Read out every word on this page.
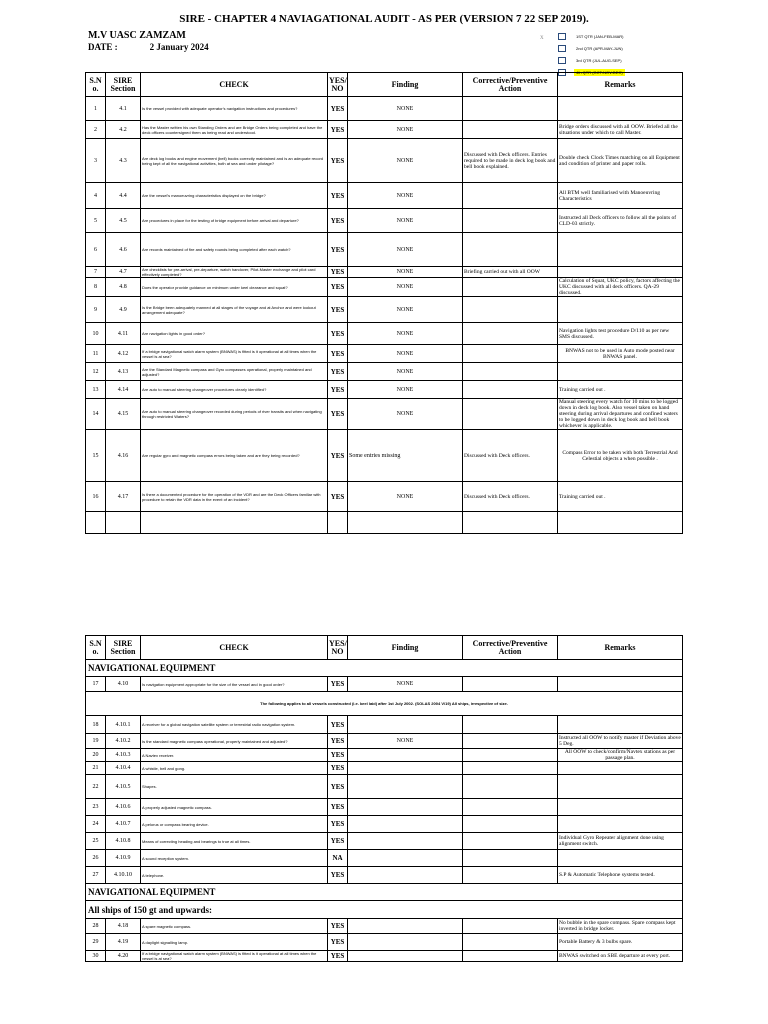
SIRE - CHAPTER 4 NAVIAGATIONAL AUDIT - AS PER (VERSION 7 22 SEP 2019).
M.V UASC ZAMZAM
DATE :	2 January 2024
X	1ST QTR (JAN-FEB-MAR)
2nd QTR (APR-MAY-JUN)
3rd QTR (JUL-AUG-SEP)
4th QTR (OCT-NOV-DEC)
S.N o.	SIRE Section	CHECK	YES/ NO	Finding	Corrective/Preventive Action	Remarks
1	4.1	Is the vessel provided with adequate operator's navigation instructions and procedures?	YES	NONE		
2	4.2	Has the Master written his own Standing Orders and are Bridge Orders being completed and have the deck officers countersigned them as being read and understood.	YES	NONE		Bridge orders discussed with all OOW. Briefed all the situations under which to call Master.
3	4.3	Are deck log books and engine movement (bell) books correctly maintained and is an adequate record being kept of all the navigational activities, both at sea and under pilotage?	YES	NONE	Discussed with Deck officers. Entries required to be made in deck log book and bell book explained.	Double check Clock Times matching on all Equipment and condition of printer and paper rolls.
4	4.4	Are the vessel's manoeuvring characteristics displayed on the bridge?	YES	NONE		All BTM well familiarised with Manoeuvring Characteristics
5	4.5	Are procedures in place for the testing of bridge equipment before arrival and departure?	YES	NONE		Instructed all Deck officers to follow all the points of CLD-03 strictly.
6	4.6	Are records maintained of fire and safety rounds being completed after each watch?	YES	NONE		
7	4.7	Are checklists for pre-arrival, pre-departure, watch handover, Pilot-Master exchange and pilot card effectively completed?	YES	NONE	Briefing carried out with all OOW	
8	4.8	Does the operator provide guidance on minimum under keel clearance and squat?	YES	NONE		Calculation of Squat, UKC policy, factors affecting the UKC discussed with all deck officers. QA-29 discussed.
9	4.9	Is the Bridge been adequately manned at all stages of the voyage and at Anchor and were lookout arrangement adequate?	YES	NONE		
10	4.11	Are navigation lights in good order?	YES	NONE		Navigation lights test procedure D/110 as per new SMS discussed.
11	4.12	If a bridge navigational watch alarm system (BNWAS) is fitted is it operational at all times when the vessel is at sea?	YES	NONE		BNWAS not to be used in Auto mode posted near BNWAS panel.
12	4.13	Are the Standard Magnetic compass and Gyro compasses operational, properly maintained and adjusted?	YES	NONE		
13	4.14	Are auto to manual steering changeover procedures clearly identified?	YES	NONE		Training carried out .
14	4.15	Are auto to manual steering changeover recorded during periods of river transits and when navigating through restricted Waters?	YES	NONE		Manual steering every watch for 10 mins to be logged down in deck log book. Also vessel taken on hand steering during arrival departures and confined waters to be logged down in deck log book and bell book whichever is applicable.
15	4.16	Are regular gyro and magnetic compass errors being taken and are they being recorded?	YES	Some entries missing	Discussed with Deck officers.	Compass Error to be taken with both Terrestrial And Celestial objects a when possible .
16	4.17	Is there a documented procedure for the operation of the VDR and are the Deck Officers familiar with procedure to retain the VDR data in the event of an incident?	YES	NONE	Discussed with Deck officers.	Training carried out .

S.N o.	SIRE Section	CHECK	YES/ NO	Finding	Corrective/Preventive Action	Remarks
NAVIGATIONAL EQUIPMENT						
17	4.10	Is navigation equipment appropriate for the size of the vessel and in good order?	YES	NONE		
The following applies to all vessels constructed (i.e. keel laid) after 1st July 2002. (SOLAS 2004 V/19) All ships, irrespective of size.						
18	4.10.1	A receiver for a global navigation satellite system or terrestrial radio navigation system.	YES			
19	4.10.2	Is the standard magnetic compass operational, properly maintained and adjusted?	YES	NONE		Instructed all OOW to notify master if Deviation above 5 Deg.
20	4.10.3	A Navtex receiver.	YES			All OOW to check/confirm/Navtex stations as per passage plan.
21	4.10.4	A whistle, bell and gong.	YES			
22	4.10.5	Shapes.	YES			
23	4.10.6	A properly adjusted magnetic compass.	YES			
24	4.10.7	A pelorus or compass bearing device.	YES			
25	4.10.8	Means of correcting heading and bearings to true at all times.	YES			Individual Gyro Repeater alignment done using alignment switch.
26	4.10.9	A sound reception system.	NA			
27	4.10.10	A telephone.	YES			S.P & Automatic Telephone systems tested.
NAVIGATIONAL EQUIPMENT						
All ships of 150 gt and upwards:						
28	4.18	A spare magnetic compass.	YES			No bubble in the spare compass. Spare compass kept inverted in bridge locker.
29	4.19	A daylight signalling lamp.	YES			Portable Battery & 3 bulbs spare.
30	4.20	If a bridge navigational watch alarm system (BNWAS) is fitted is it operational at all times when the vessel is at sea?	YES			BNWAS switched on SBE departure at every port.
